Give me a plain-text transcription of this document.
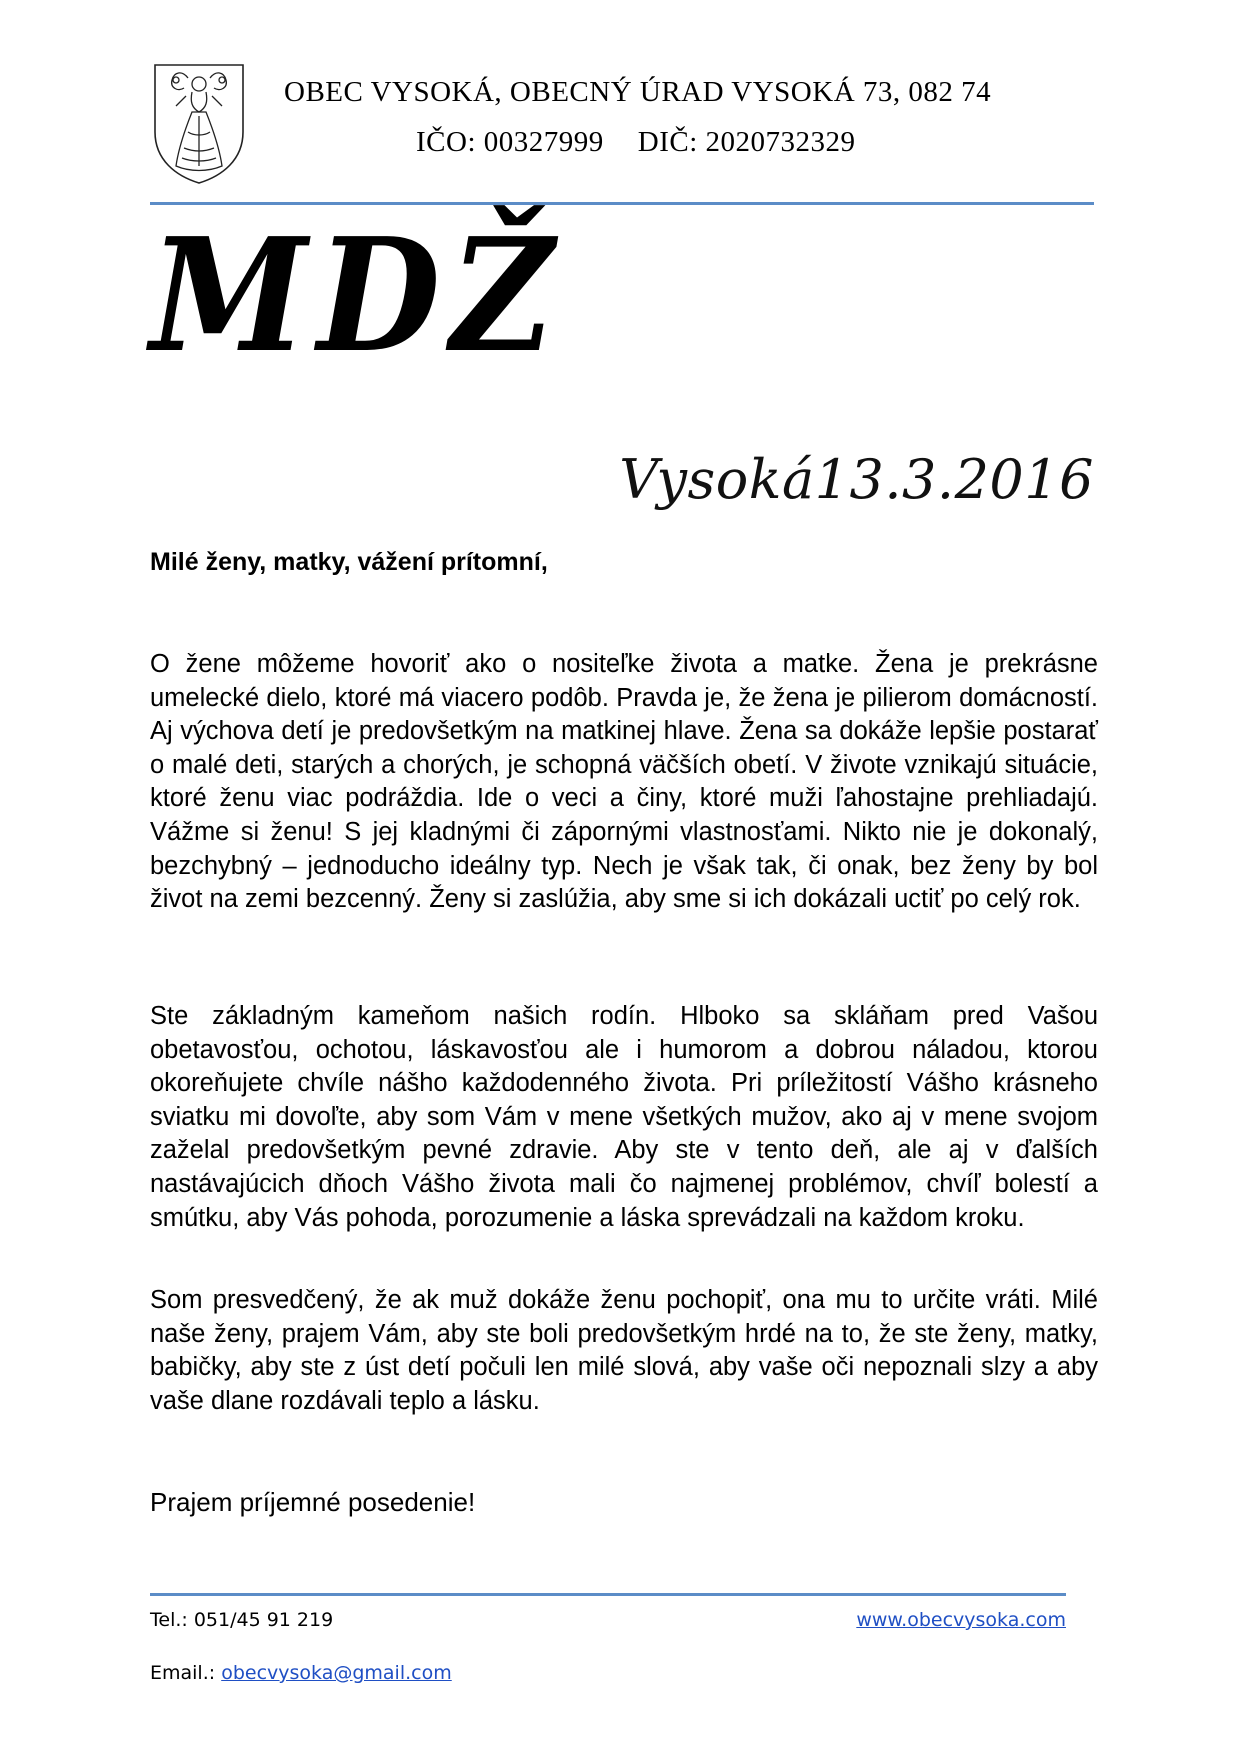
OBEC VYSOKÁ, OBECNÝ ÚRAD VYSOKÁ 73, 082 74
IČO: 00327999 DIČ: 2020732329
MDŽ
Vysoká13.3.2016
Milé ženy, matky, vážení prítomní,

O žene môžeme hovoriť ako o nositeľke života a matke. Žena je prekrásne umelecké dielo, ktoré má viacero podôb. Pravda je, že žena je pilierom domácností. Aj výchova detí je predovšetkým na matkinej hlave. Žena sa dokáže lepšie postarať o malé deti, starých a chorých, je schopná väčších obetí. V živote vznikajú situácie, ktoré ženu viac podráždia. Ide o veci a činy, ktoré muži ľahostajne prehliadajú. Vážme si ženu! S jej kladnými či zápornými vlastnosťami. Nikto nie je dokonalý, bezchybný – jednoducho ideálny typ. Nech je však tak, či onak, bez ženy by bol život na zemi bezcenný. Ženy si zaslúžia, aby sme si ich dokázali uctiť po celý rok.

Ste základným kameňom našich rodín. Hlboko sa skláňam pred Vašou obetavosťou, ochotou, láskavosťou ale i humorom a dobrou náladou, ktorou okoreňujete chvíle nášho každodenného života. Pri príležitostí Vášho krásneho sviatku mi dovoľte, aby som Vám v mene všetkých mužov, ako aj v mene svojom zaželal predovšetkým pevné zdravie. Aby ste v tento deň, ale aj v ďalších nastávajúcich dňoch Vášho života mali čo najmenej problémov, chvíľ bolestí a smútku, aby Vás pohoda, porozumenie a láska sprevádzali na každom kroku.

Som presvedčený, že ak muž dokáže ženu pochopiť, ona mu to určite vráti. Milé naše ženy, prajem Vám, aby ste boli predovšetkým hrdé na to, že ste ženy, matky, babičky, aby ste z úst detí počuli len milé slová, aby vaše oči nepoznali slzy a aby vaše dlane rozdávali teplo a lásku.

Prajem príjemné posedenie!
Tel.: 051/45 91 219	www.obecvysoka.com
Email.: obecvysoka@gmail.com
